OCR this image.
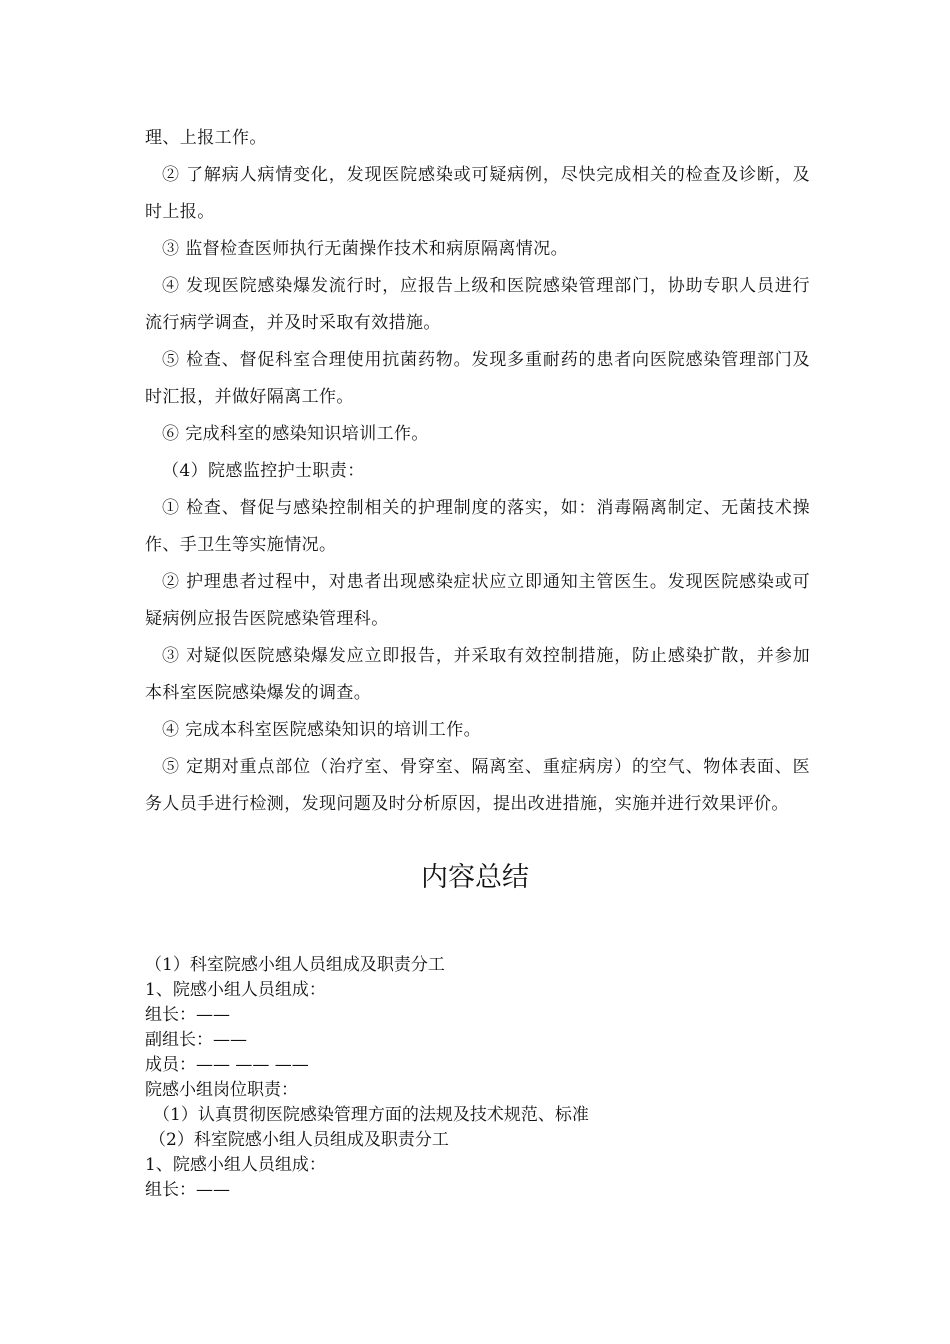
理、上报工作。

② 了解病人病情变化，发现医院感染或可疑病例，尽快完成相关的检查及诊断，及时上报。

③ 监督检查医师执行无菌操作技术和病原隔离情况。

④ 发现医院感染爆发流行时，应报告上级和医院感染管理部门，协助专职人员进行流行病学调查，并及时采取有效措施。

⑤ 检查、督促科室合理使用抗菌药物。发现多重耐药的患者向医院感染管理部门及时汇报，并做好隔离工作。

⑥ 完成科室的感染知识培训工作。

（4）院感监控护士职责：

① 检查、督促与感染控制相关的护理制度的落实，如：消毒隔离制定、无菌技术操作、手卫生等实施情况。

② 护理患者过程中，对患者出现感染症状应立即通知主管医生。发现医院感染或可疑病例应报告医院感染管理科。

③ 对疑似医院感染爆发应立即报告，并采取有效控制措施，防止感染扩散，并参加本科室医院感染爆发的调查。

④ 完成本科室医院感染知识的培训工作。

⑤ 定期对重点部位（治疗室、骨穿室、隔离室、重症病房）的空气、物体表面、医务人员手进行检测，发现问题及时分析原因，提出改进措施，实施并进行效果评价。

内容总结

（1）科室院感小组人员组成及职责分工

1、院感小组人员组成：

组长：——

副组长：——

成员：—— —— ——

院感小组岗位职责：

（1）认真贯彻医院感染管理方面的法规及技术规范、标准

（2）科室院感小组人员组成及职责分工

1、院感小组人员组成：

组长：——
